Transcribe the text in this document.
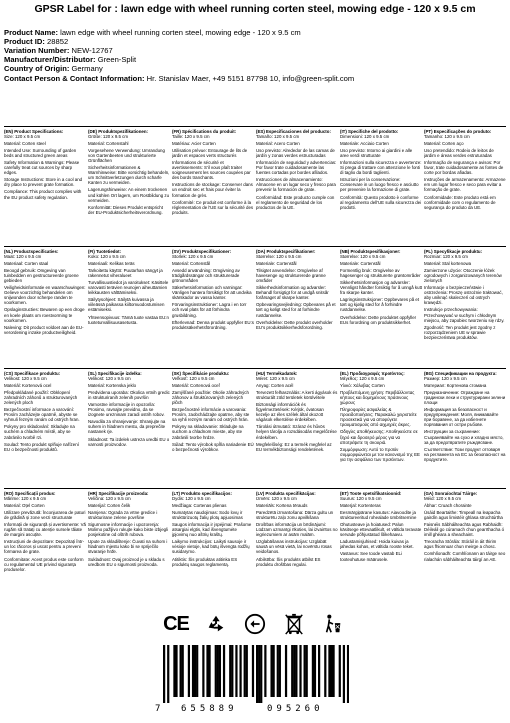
GPSR Label for : lawn edge with wheel running corten steel, mowing edge - 120 x 9.5 cm
Product Name: lawn edge with wheel running corten steel, mowing edge - 120 x 9.5 cm
Product ID: 28852
Variation Number: NEW-12767
Manufacturer/Distributor: Green-Split
Country of Origin: Germany
Contact Person & Contact Information: Hr. Stanislav Maer, +49 5151 87798 10, info@green-split.com
(EN) Product Specifications:

Size: 120 x 9.5 cm

Material: Corten steel

Intended Use: Surrounding of garden beds and structured green areas

Safety Information & Warnings: Please carefully treat cut sources by sharp edges.

Storage Instructions: Store in a cool and dry place to prevent grate formation.

Compliance: This product complies with the EU product safety regulation.

(DE) Produktspezifikationen:

Größe: 120 x 9.5 cm

Material: Cortenstahl

Vorgesehene Verwendung: Umrandung von Gartenbeeten und strukturierte Grünflächen

Sicherheitsinformationen & Warnhinweise: Bitte vorsichtig behandeln, um Schnittverletzungen durch scharfe Kanten zu vermeiden.

Lagerungshinweise: An einem trockenen und kühlen Ort lagern, um Rostbildung zu vermeiden.

Konformität: Dieses Produkt entspricht der EU-Produktsicherheitsverordnung.

(FR) Spécifications du produit:

Taille: 120 x 9.5 cm

Matériau: Acier Corten

Utilisation prévue: Entourage de lits de jardin et espaces verts structurés

Informations de sécurité et avertissements: S'il vous plaît traiter soigneusement les sources coupées par des bords tranchants.

Instructions de stockage: Conserver dans un endroit sec et frais pour éviter la formation de grès.

Conformité: Ce produit est conforme à la réglementation de l'UE sur la sécurité des produits.

(ES) Especificaciones del producto:

Tamaño: 120 x 9.5 cm

Material: Acero Corten

Uso previsto: Alrededor de las camas de jardín y zonas verdes estructuradas

Información de seguridad y advertencias: Por favor trate cuidadosamente las fuentes cortadas por bordes afilados.

Instrucciones de almacenamiento: Almacene en un lugar seco y fresco para prevenir la formación de grate.

Conformidad: Este producto cumple con el reglamento de seguridad de los productos de la UE.

(IT) Specifiche del prodotto:

Dimensioni: 120 x 9.5 cm

Materiale: Acciaio Corten

Uso previsto: Intorno ai giardini e alle aree verdi strutturate

Informazioni sulla sicurezza e avvertenze: Si prega di trattare con attenzione le fonti di taglio da bordi taglienti.

Istruzioni per la conservazione: Conservare in un luogo fresco e asciutto per prevenire la formazione di grate.

Conformità: Questo prodotto è conforme al regolamento dell'UE sulla sicurezza dei prodotti.

(PT) Especificações do produto:

Tamanho: 120 x 9.5 cm

Material: Corten aço

Uso pretendido: Rodeio de leitos de jardim e áreas verdes estruturadas

Informação de segurança e avisos: Por favor, trate cuidadosamente as fontes de corte por bordas afiadas.

Instruções de armazenamento: Armazene em um lugar fresco e seco para evitar a formação de grate.

Conformidade: Este produto está em conformidade com o regulamento de segurança do produto da UE.

(NL) Productspecificaties:

Maat: 120 x 9.5 cm

Materiaal: Corten staal

Beoogd gebruik: Omgeving van tuinbedden en gestructureerde groene gebieden

Veiligheidsinformatie en waarschuwingen: Gelieve voorzichtig behandelen om snijwonden door scherpe randen te voorkomen.

Opslaginstructies: Bewaren op een droge en koele plaats om roestvorming te voorkomen.

Naleving: Dit product voldoet aan de EU-verordening inzake productveiligheid.

(FI) Tuotetiedot:

Koko: 120 x 9.5 cm

Materiaali: Kelikas teräs

Tarkoitettu käyttö: Puutarhan sängyt ja rakennetut viheralueet

Turvallisuustiedot ja varoitukset: Käsittele varovasti terävien reunojen aiheuttamien leikkausten välttämiseksi.

Säilytysohjeet: Säilytä kuivassa ja viileässä paikassa kiiltomuodostumisen estämiseksi.

Yhteensopivuus: Tämä tuote vastaa EU:n tuoteturvallisuusasetusta.

(SV) Produktspecifikationer:

Storlek: 120 x 9.5 cm

Material: Cortenstål

Avsedd användning: Omgivning av trädgårdssängar och strukturerade grönområden

Säkerhetsinformation och varningar: Vänligen hantera försiktigt för att undvika skärskador av vassa kanter.

Förvaringsinstruktioner: Lagra i en torr och sval plats för att förhindra grusbildning.

Efterlevnad: Denna produkt uppfyller EU:s produktsäkerhetsförordning.

(DA) Produktspecifikationer:

Størrelse: 120 x 9.5 cm

Materiale: Cortenstål

Tilsigtet anvendelse: Omgivelse af havesenge og strukturerede grønne områder

Sikkerhedsinformation og advarsler: Behandl forsigtigt for at undgå snitsår forårsaget af skarpe kanter.

Opbevaringsvejledning: Opbevares på et tørt og køligt sted for at forhindre rustdannelse.

Overholdelse: Dette produkt overholder EU's produktsikkerhedsforordning.

(NB) Produktspesifikasjoner:

Størrelse: 120 x 9.5 cm

Materiale: Cortenstål

Formentlig bruk: Omgivelse av hagesenger og strukturerte grøntområder

Sikkerhetsinformasjon og advarsler: Vennligst håndter forsiktig for å unngå kutt fra skarpe kanter.

Lagringsinstruksjoner: Oppbevares på et tørt og kjølig sted for å forhindre rustdannelse.

Overholdelse: Dette produktet oppfyller EUs forordning om produktsikkerhet.

(PL) Specyfikacje produktu:

Rozmiar: 120 x 9.5 cm

Materiał: Stal kortenowa

Zamierzone użycie: Otoczenie łóżek ogrodowych i zorganizowanych terenów zielonych

Informacje o bezpieczeństwie i ostrzeżenia: Proszę ostrożnie traktować, aby uniknąć skaleczeń od ostrych krawędzi.

Instrukcje przechowywania: Przechowywać w suchym i chłodnym miejscu, aby zapobiec tworzeniu się rdzy.

Zgodność: Ten produkt jest zgodny z rozporządzeniem UE w sprawie bezpieczeństwa produktów.

(CS) Specifikace produktu:

Velikost: 120 x 9.5 cm

Materiál: Kortenová ocel

Předpokládané použití: Obklopení zahradních záhonů a strukturovaných zelených ploch

Bezpečnostní informace a varování: Prosím zacházejte opatrně, abyste se vyhnuli řezným ranám od ostrých hran.

Pokyny pro skladování: Skladujte na suchém a chladném místě, aby se zabránilo tvorbě rzi.

Soulad: Tento produkt splňuje nařízení EU o bezpečnosti produktů.

(SL) Specifikacije izdelka:

Velikost: 120 x 9.5 cm

Material: Kortenska jeklo

Predvidena uporaba: Okolica vrtnih gredic in strukturiranih zelenih površin

Varnostne informacije in opozorila: Prosimo, ravnajte previdno, da se izognete urezninam zaradi ostrih robov.

Navodila za shranjevanje: Shranjujte na suhem in hladnem mestu, da preprečite nastanek rje.

Skladnost: Ta izdelek ustreza uredbi EU o varnosti proizvodov.

(SK) Špecifikácie produktu:

Veľkosť: 120 x 9.5 cm

Materiál: Cortenová oceľ

Zamýšľané použitie: Okolie záhradných záhonov a štruktúrovaných zelených plôch

Bezpečnostné informácie a varovania: Prosím, zaobchádzajte opatrne, aby ste sa vyhli rezným ranám od ostrých hrán.

Pokyny na skladovanie: Skladujte na suchom a chladnom mieste, aby ste zabránili tvorbe hrdze.

Súlad: Tento výrobok spĺňa nariadenie EÚ o bezpečnosti výrobkov.

(HU) Termékadatok:

Méret: 120 x 9.5 cm

Anyag: Corten acél

Tervezett felhasználás: A kerti ágyások és strukturált zöld területek körülvétele

Biztonsági információk és figyelmeztetések: Kérjük, óvatosan kezelje az éles szélek által okozott vágások elkerülése érdekében.

Tárolási útmutató: Száraz és hűvös helyen tárolja a rozsdásodás megelőzése érdekében.

Megfelelőség: Ez a termék megfelel az EU termékbiztonsági rendeletének.

(EL) Προδιαγραφές προϊόντος:

Μέγεθος: 120 x 9.5 cm

Υλικό: Χάλυβας Corten

Προβλεπόμενη χρήση: Περιβάλλοντας κήπους και δομημένους πράσινους χώρους

Πληροφορίες ασφαλείας & προειδοποιήσεις: Παρακαλώ χειριστείτε προσεκτικά για να αποφύγετε τραυματισμούς από αιχμηρές άκρες.

Οδηγίες αποθήκευσης: Αποθηκεύστε σε ξηρό και δροσερό μέρος για να αποτρέψετε τη σκουριά.

Συμμόρφωση: Αυτό το προϊόν συμμορφώνεται με τον κανονισμό της ΕΕ για την ασφάλεια των προϊόντων.

(BG) Спецификации на продукта:

Размер: 120 x 9.5 cm

Материал: Кортенова стомана

Предназначение: Ограждане на градински лехи и структурирани зелени площи

Информация за безопасност и предупреждения: Моля, внимавайте при боравене, за да избегнете порязвания от остри ръбове.

Инструкции за съхранение: Съхранявайте на сухо и хладно място, за да предотвратите ръждясване.

Съответствие: Този продукт отговаря на регламента на ЕС за безопасност на продуктите.

(RO) Specificații produs:

Mărime: 120 x 9.5 cm

Material: Oțel Corten

Utilizare prevăzută: Înconjurarea de paturi de grădină și zone verzi structurate

Informații de siguranță și avertismente: Vă rugăm să tratați cu atenție sursele tăiate de margini ascuțite.

Instrucțiuni de depozitare: Depozitați într-un loc răcoros și uscat pentru a preveni formarea de grate.

Conformitate: Acest produs este conform cu regulamentul UE privind siguranța produselor.

(HR) Specifikacije proizvoda:

Veličina: 120 x 9.5 cm

Materijal: Corten čelik

Namjena: Ograda za vrtne gredice i strukturirane zelene površine

Sigurnosne informacije i upozorenja: Molimo pažljivo rukujte kako biste izbjegli posjekotine od oštrih rubova.

Upute za skladištenje: Čuvati na suhom i hladnom mjestu kako bi se spriječilo stvaranje hrđe.

Sukladnost: Ovaj proizvod je u skladu s uredbom EU o sigurnosti proizvoda.

(LT) Produkto specifikacijos:

Dydis: 120 x 9.5 cm

Medžiaga: Cortenas plienas

Numatytas naudojimas: Sodo lovų ir struktūrizuotų žalių plotų apjuosimas

Saugos informacija ir įspėjimai: Prašome atsargiai elgtis, kad išvengtumėte įpjovimų nuo aštrių kraštų.

Laikymo instrukcijos: Laikyti sausoje ir vėsioje vietoje, kad būtų išvengta rūdžių susidarymo.

Atitiktis: Šis produktas atitinka ES produktų saugos reglamentą.

(LV) Produkta specifikācijas:

Izmērs: 120 x 9.5 cm

Materiāls: Kortena tērauds

Paredzētā izmantošana: Dārza gultu un strukturētu zaļo zonu apvilkšana

Drošības informācija un brīdinājumi: Lūdzam uzmanīgi rīkoties, lai izvairītos no iegriezumiem ar asām malām.

Uzglabāšanas instrukcijas: Uzglabāt sausā un vēsā vietā, lai novērstu rūsas veidošanos.

Atbilstība: Šis produkts atbilst ES produktu drošības regulai.

(ET) Toote spetsifikatsioonid:

Suurus: 120 x 9.5 cm

Materjal: Kortenteras

Eesmärgipärane kasutus: Aiavoodite ja struktureeritud rohealade ümbritsemine

Ohutusteave ja hoiatused: Palun käsitsege ettevaatlikult, et vältida teravate servade põhjustatud lõikehaavu.

Ladustamisjuhised: Hoida kuivas ja jahedas kohas, et vältida rooste teket.

Vastavus: See toode vastab ELi tooteohutuse määrusele.

(GA) Sonraíochtaí Táirge:

Méid: 120 x 9.5 cm

Ábhar: Cruach chorainte

Úsáid Beartaithe: Timpeall na leapacha gairdín agus limistéir ghlasa struchtúrtha

Faisnéis Sábháilteachta agus Rabhaidh: Déileáil go cúramach chun gearrthacha ó imill ghéara a sheachaint.

Treoracha Stórála: Stóráil in áit thirim agus fhionnuar chun meirge a chosc.

Comhlíonadh: Comhlíonann an táirge seo rialachán sábháilteachta táirgí an AE.

CE
7 655889	095260
